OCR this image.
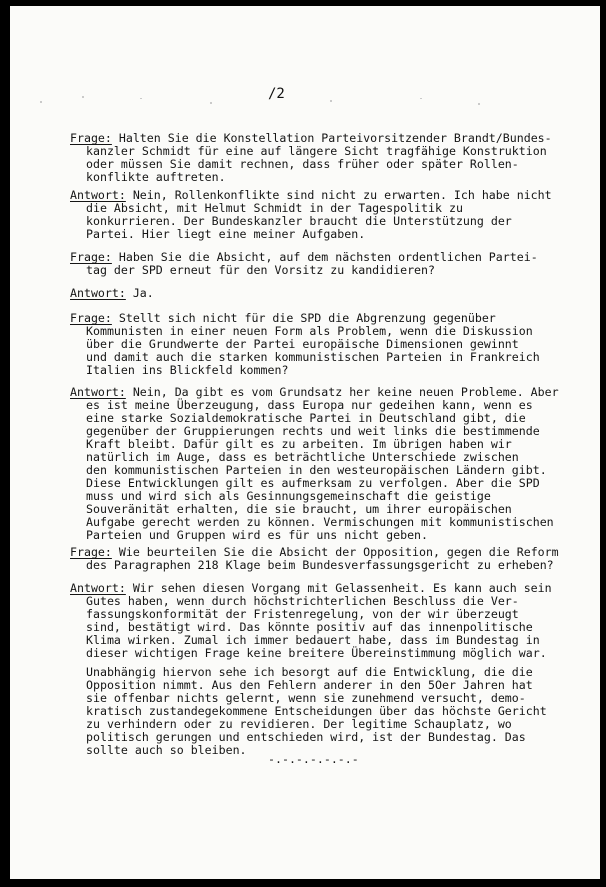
/2
Frage: Halten Sie die Konstellation Parteivorsitzender Brandt/Bundes-
kanzler Schmidt für eine auf längere Sicht tragfähige Konstruktion
oder müssen Sie damit rechnen, dass früher oder später Rollen-
konflikte auftreten.
Antwort: Nein, Rollenkonflikte sind nicht zu erwarten. Ich habe nicht
die Absicht, mit Helmut Schmidt in der Tagespolitik zu
konkurrieren. Der Bundeskanzler braucht die Unterstützung der
Partei. Hier liegt eine meiner Aufgaben.
Frage: Haben Sie die Absicht, auf dem nächsten ordentlichen Partei-
tag der SPD erneut für den Vorsitz zu kandidieren?
Antwort: Ja.
Frage: Stellt sich nicht für die SPD die Abgrenzung gegenüber
Kommunisten in einer neuen Form als Problem, wenn die Diskussion
über die Grundwerte der Partei europäische Dimensionen gewinnt
und damit auch die starken kommunistischen Parteien in Frankreich
Italien ins Blickfeld kommen?
Antwort: Nein, Da gibt es vom Grundsatz her keine neuen Probleme. Aber
es ist meine Überzeugung, dass Europa nur gedeihen kann, wenn es
eine starke Sozialdemokratische Partei in Deutschland gibt, die
gegenüber der Gruppierungen rechts und weit links die bestimmende
Kraft bleibt. Dafür gilt es zu arbeiten. Im übrigen haben wir
natürlich im Auge, dass es beträchtliche Unterschiede zwischen
den kommunistischen Parteien in den westeuropäischen Ländern gibt.
Diese Entwicklungen gilt es aufmerksam zu verfolgen. Aber die SPD
muss und wird sich als Gesinnungsgemeinschaft die geistige
Souveränität erhalten, die sie braucht, um ihrer europäischen
Aufgabe gerecht werden zu können. Vermischungen mit kommunistischen
Parteien und Gruppen wird es für uns nicht geben.
Frage: Wie beurteilen Sie die Absicht der Opposition, gegen die Reform
des Paragraphen 218 Klage beim Bundesverfassungsgericht zu erheben?
Antwort: Wir sehen diesen Vorgang mit Gelassenheit. Es kann auch sein
Gutes haben, wenn durch höchstrichterlichen Beschluss die Ver-
fassungskonformität der Fristenregelung, von der wir überzeugt
sind, bestätigt wird. Das könnte positiv auf das innenpolitische
Klima wirken. Zumal ich immer bedauert habe, dass im Bundestag in
dieser wichtigen Frage keine breitere Übereinstimmung möglich war.
Unabhängig hiervon sehe ich besorgt auf die Entwicklung, die die
Opposition nimmt. Aus den Fehlern anderer in den 5Oer Jahren hat
sie offenbar nichts gelernt, wenn sie zunehmend versucht, demo-
kratisch zustandegekommene Entscheidungen über das höchste Gericht
zu verhindern oder zu revidieren. Der legitime Schauplatz, wo
politisch gerungen und entschieden wird, ist der Bundestag. Das
sollte auch so bleiben.
-.-.-.-.-.-.-
